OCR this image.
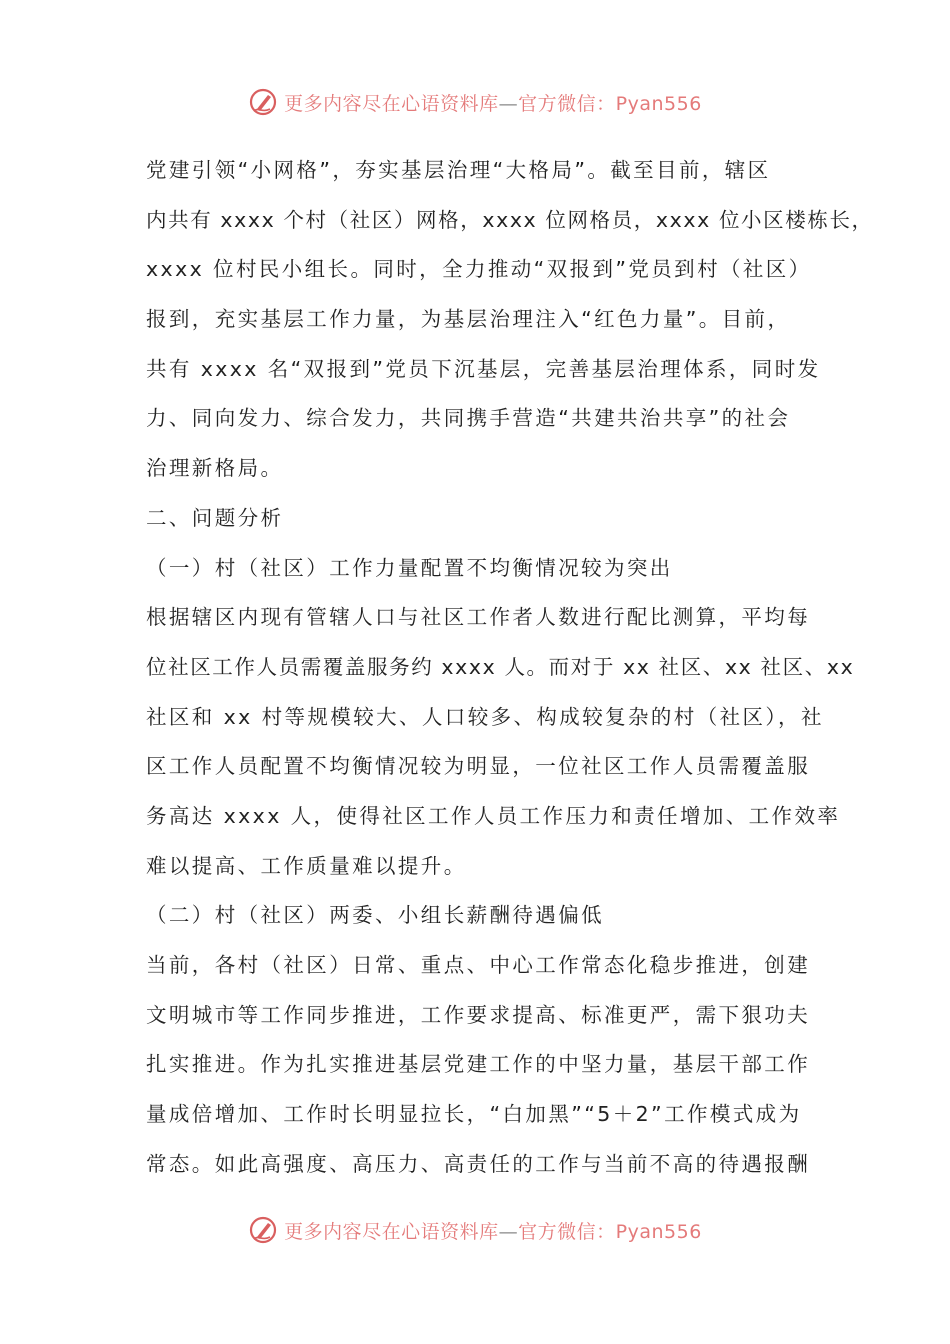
更多内容尽在心语资料库—官方微信：Pyan556
党建引领“小网格”，夯实基层治理“大格局”。截至目前，辖区
内共有 xxxx 个村（社区）网格，xxxx 位网格员，xxxx 位小区楼栋长，
xxxx 位村民小组长。同时，全力推动“双报到”党员到村（社区）
报到，充实基层工作力量，为基层治理注入“红色力量”。目前，
共有 xxxx 名“双报到”党员下沉基层，完善基层治理体系，同时发
力、同向发力、综合发力，共同携手营造“共建共治共享”的社会
治理新格局。
二、问题分析
（一）村（社区）工作力量配置不均衡情况较为突出
根据辖区内现有管辖人口与社区工作者人数进行配比测算，平均每
位社区工作人员需覆盖服务约 xxxx 人。而对于 xx 社区、xx 社区、xx
社区和 xx 村等规模较大、人口较多、构成较复杂的村（社区），社
区工作人员配置不均衡情况较为明显，一位社区工作人员需覆盖服
务高达 xxxx 人，使得社区工作人员工作压力和责任增加、工作效率
难以提高、工作质量难以提升。
（二）村（社区）两委、小组长薪酬待遇偏低
当前，各村（社区）日常、重点、中心工作常态化稳步推进，创建
文明城市等工作同步推进，工作要求提高、标准更严，需下狠功夫
扎实推进。作为扎实推进基层党建工作的中坚力量，基层干部工作
量成倍增加、工作时长明显拉长，“白加黑”“5＋2”工作模式成为
常态。如此高强度、高压力、高责任的工作与当前不高的待遇报酬
更多内容尽在心语资料库—官方微信：Pyan556
